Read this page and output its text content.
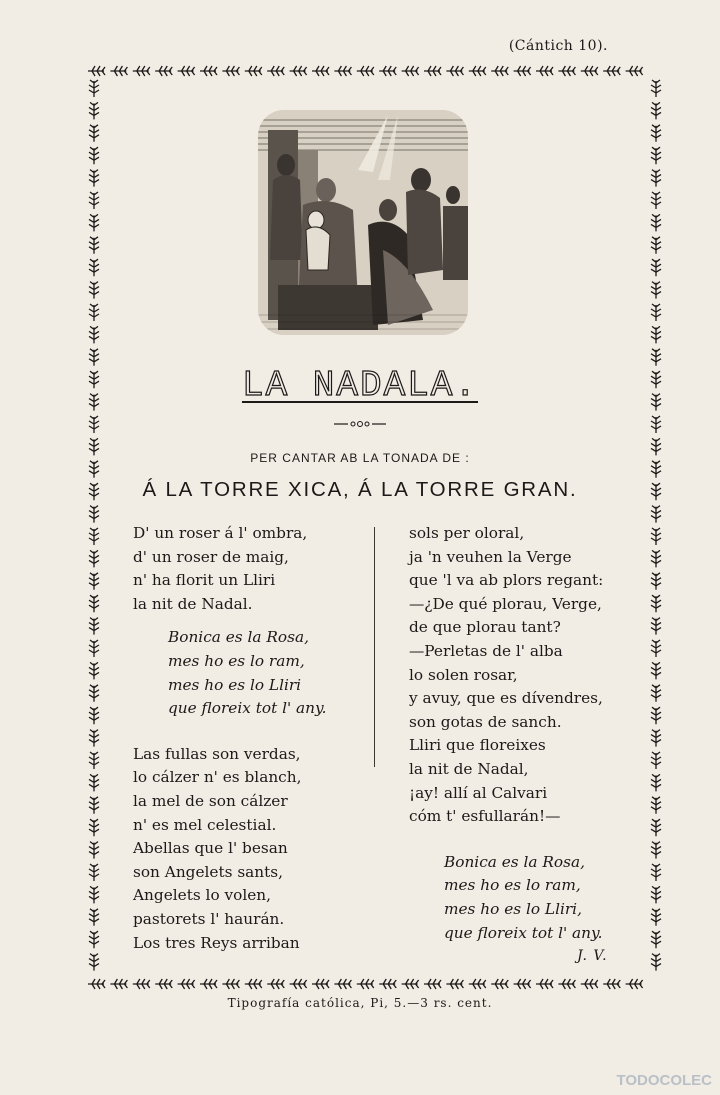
(Cántich 10).
LA NADALA.
PER CANTAR AB LA TONADA DE :
Á LA TORRE XICA, Á LA TORRE GRAN.
D' un roser á l' ombra,
d' un roser de maig,
n' ha florit un Lliri
la nit de Nadal.
Bonica es la Rosa,
mes ho es lo ram,
mes ho es lo Lliri
que floreix tot l' any.
Las fullas son verdas,
lo cálzer n' es blanch,
la mel de son cálzer
n' es mel celestial.
Abellas que l' besan
son Angelets sants,
Angelets lo volen,
pastorets l' haurán.
Los tres Reys arriban
sols per oloral,
ja 'n veuhen la Verge
que 'l va ab plors regant:
—¿De qué plorau, Verge,
de que plorau tant?
—Perletas de l' alba
lo solen rosar,
y avuy, que es dívendres,
son gotas de sanch.
Lliri que floreixes
la nit de Nadal,
¡ay! allí al Calvari
cóm t' esfullarán!—
Bonica es la Rosa,
mes ho es lo ram,
mes ho es lo Lliri,
que floreix tot l' any.
J. V.
Tipografía católica, Pi, 5.—3 rs. cent.
TODOCOLEC
